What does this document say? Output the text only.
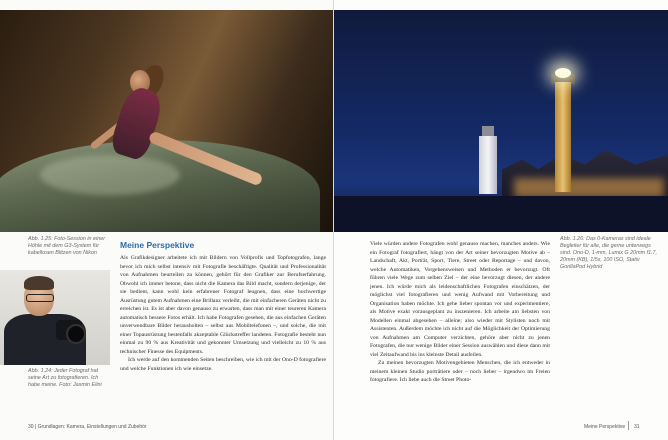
Abb. 1.25: Foto-Session in einer Höhle mit dem G3-System für kabellosen Blitzen von Nikon

Abb. 1.24: Jeder Fotograf hat seine Art zu fotografieren. Ich habe meine. Foto: Jasmin Elini

Meine Perspektive

Als Grafikdesigner arbeitete ich mit Bildern von Vollprofis und Topfotografen, lange bevor ich mich selbst intensiv mit Fotografie beschäftigte. Qualität und Professionalität von Aufnahmen beurteilen zu können, gehört für den Grafiker zur Berufserfahrung. Obwohl ich immer betone, dass nicht die Kamera das Bild macht, sondern derjenige, der sie bedient, kann wohl kein erfahrener Fotograf leugnen, dass eine hochwertige Ausrüstung gutem Aufnahmen eine Brillanz verleiht, die mit einfacheren Geräten nicht zu erreichen ist. Es ist aber davon genauso zu erwarten, dass man mit einer teureren Kamera automatisch bessere Fotos erhält. Ich habe Fotografen gesehen, die aus einfachen Geräten unverwendbare Bilder herausholten – selbst aus Mobiltelefonen –, und solche, die mit einer Topausrüstung bestenfalls akzeptable Glückstreffer landeten. Fotografie besteht nun einmal zu 90 % aus Kreativität und gekonnter Umsetzung und vielleicht zu 10 % aus technischer Finesse des Equipments.

Ich werde auf den kommenden Seiten beschreiben, wie ich mit der Ono-D fotografiere und welche Funktionen ich wie einsetze.

Abb. 1.26: Das 0-Kameras sind ideale Begleiter für alle, die gerne unterwegs sind. Ono-D, 1-mm, Lumix G 20mm f1.7, 20mm (KB), 1/5s, 100 ISO, Stativ GorillaPod Hybrid

Viele würden andere Fotografen wohl genauso machen, manches anders. Wie ein Fotograf fotografiert, hängt von der Art seiner bevorzugten Motive ab – Landschaft, Akt, Porträt, Sport, Tiere, Street oder Reportage – und davon, welche Automatiken, Vorgehensweisen und Methoden er bevorzugt. Oft führen viele Wege zum selben Ziel – der eine bevorzugt diesen, der andere jenen. Ich würde mich als leidenschaftlichen Fotografen einschätzen, der möglichst viel fotografieren und wenig Aufwand mit Vorbereitung und Organisation haben möchte. Ich gehe lieber spontan vor und experimentiere, als Motive exakt vorausgeplant zu inszenieren. Ich arbeite am liebsten von Modellen einmal abgesehen – alleine; also wieder mit Stylisten noch mit Assistenten. Außerdem möchte ich nicht auf die Möglichkeit der Optimierung von Aufnahmen am Computer verzichten, gehöre aber nicht zu jenen Fotografen, die nur wenige Bilder einer Session auswählen und diese dann mit viel Zeitaufwand bis ins kleinste Detail ausfeilen.

Zu meinen bevorzugten Motivengebieten Menschen, die ich entweder in meinem kleinen Studio porträtiere oder – noch lieber – irgendwo im Freien fotografiere. Ich liebe auch die Street Photo-

30 | Grundlagen: Kamera, Einstellungen und Zubehör	Meine Perspektive 31
